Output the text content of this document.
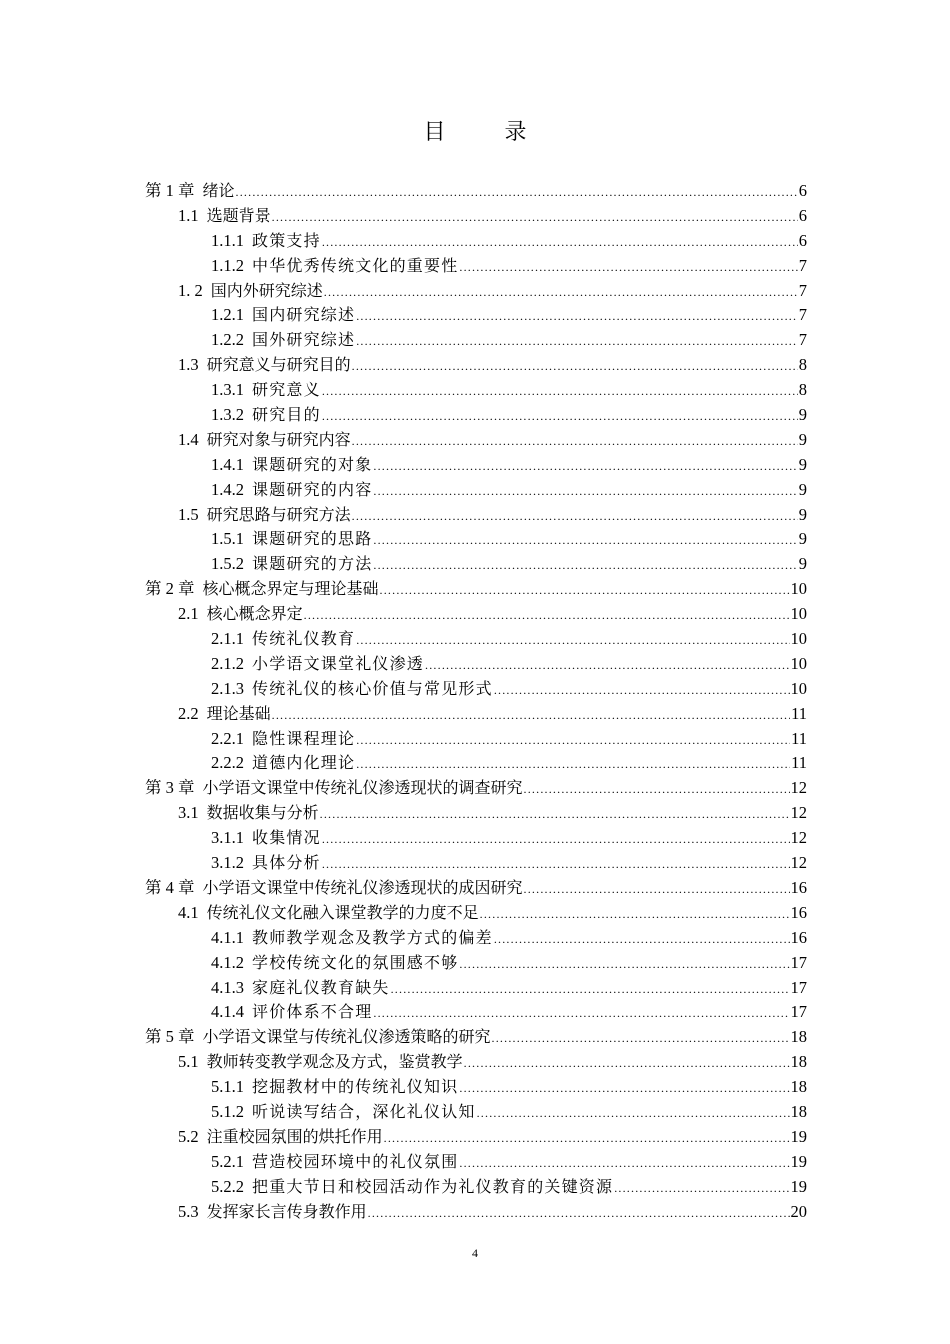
目 录
第 1 章 绪论 .....	6
1.1 选题背景 .....	6
1.1.1 政策支持 .....	6
1.1.2 中华优秀传统文化的重要性 .....	7
1. 2 国内外研究综述 .....	7
1.2.1 国内研究综述 .....	7
1.2.2 国外研究综述 .....	7
1.3 研究意义与研究目的 .....	8
1.3.1 研究意义 .....	8
1.3.2 研究目的 .....	9
1.4 研究对象与研究内容 .....	9
1.4.1 课题研究的对象 .....	9
1.4.2 课题研究的内容 .....	9
1.5 研究思路与研究方法 .....	9
1.5.1 课题研究的思路 .....	9
1.5.2 课题研究的方法 .....	9
第 2 章 核心概念界定与理论基础 .....	10
2.1 核心概念界定 .....	10
2.1.1 传统礼仪教育 .....	10
2.1.2 小学语文课堂礼仪渗透 .....	10
2.1.3 传统礼仪的核心价值与常见形式 .....	10
2.2 理论基础 .....	11
2.2.1 隐性课程理论 .....	11
2.2.2 道德内化理论 .....	11
第 3 章 小学语文课堂中传统礼仪渗透现状的调查研究 .....	12
3.1 数据收集与分析 .....	12
3.1.1 收集情况 .....	12
3.1.2 具体分析 .....	12
第 4 章 小学语文课堂中传统礼仪渗透现状的成因研究 .....	16
4.1 传统礼仪文化融入课堂教学的力度不足 .....	16
4.1.1 教师教学观念及教学方式的偏差 .....	16
4.1.2 学校传统文化的氛围感不够 .....	17
4.1.3 家庭礼仪教育缺失 .....	17
4.1.4 评价体系不合理 .....	17
第 5 章 小学语文课堂与传统礼仪渗透策略的研究 .....	18
5.1 教师转变教学观念及方式，鉴赏教学 .....	18
5.1.1 挖掘教材中的传统礼仪知识 .....	18
5.1.2 听说读写结合，深化礼仪认知 .....	18
5.2 注重校园氛围的烘托作用 .....	19
5.2.1 营造校园环境中的礼仪氛围 .....	19
5.2.2 把重大节日和校园活动作为礼仪教育的关键资源 .....	19
5.3 发挥家长言传身教作用 .....	20
4
